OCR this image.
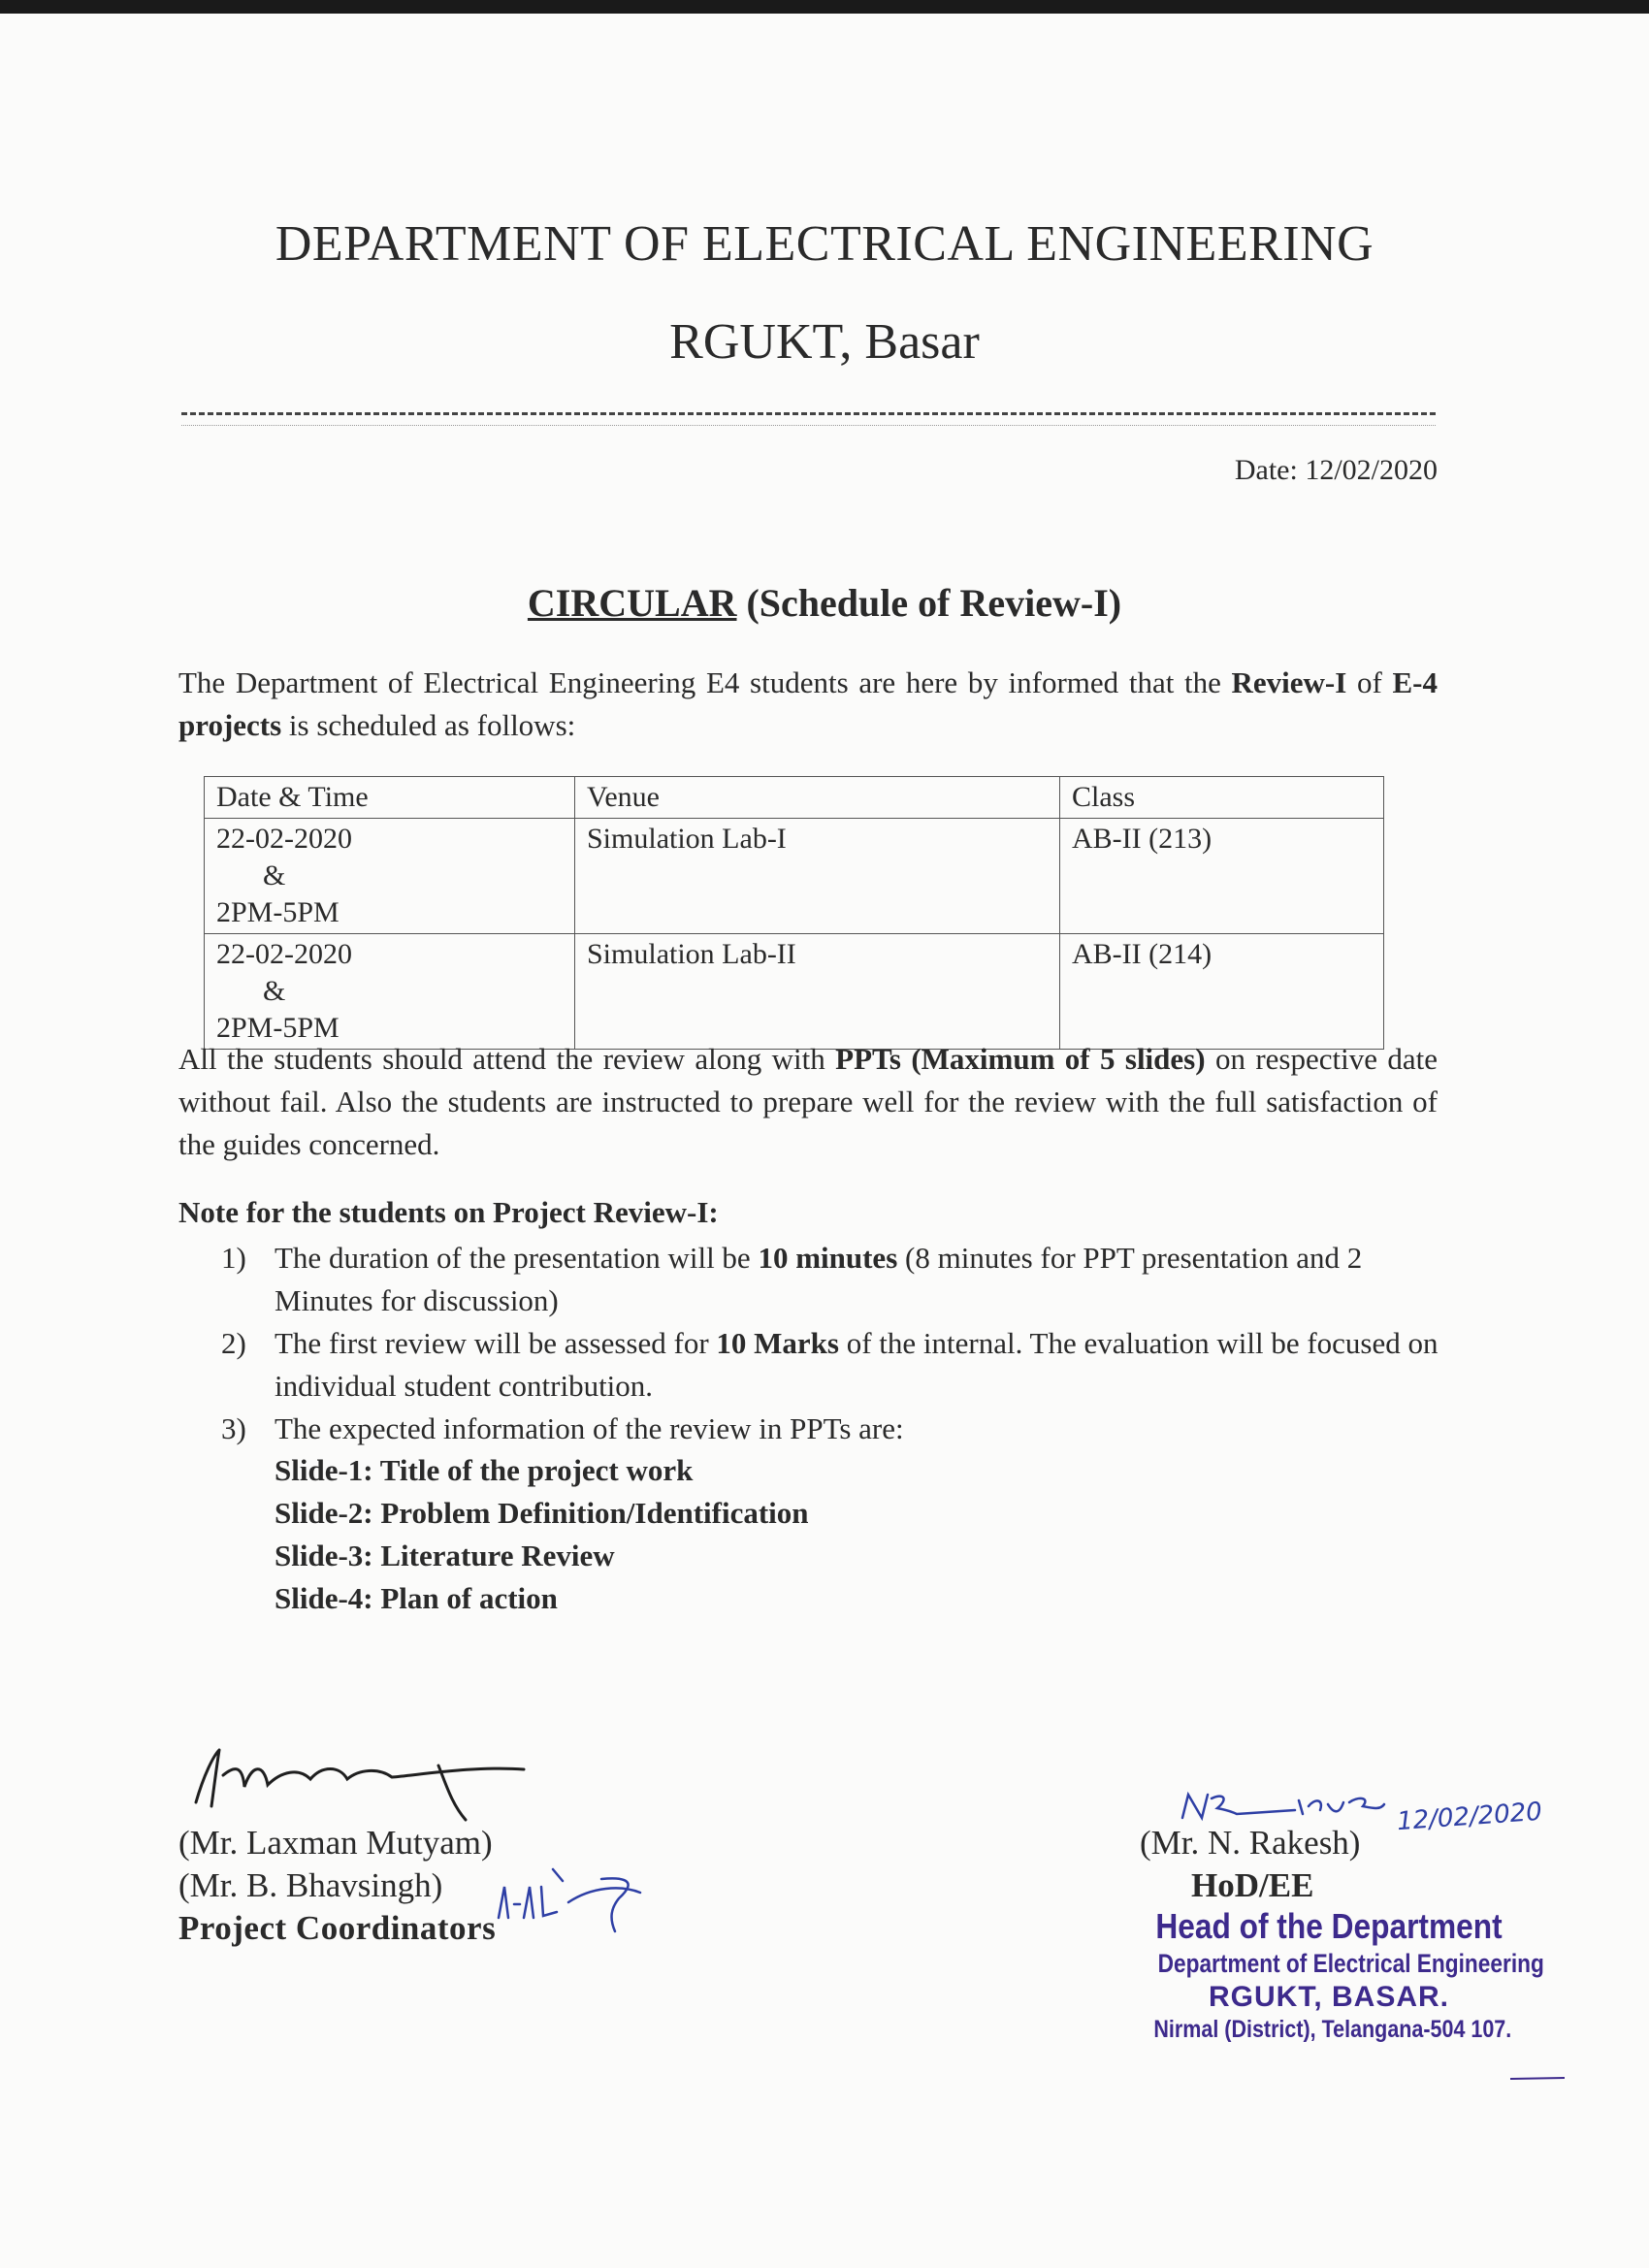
DEPARTMENT OF ELECTRICAL ENGINEERING
RGUKT, Basar
Date: 12/02/2020
CIRCULAR (Schedule of Review-I)
The Department of Electrical Engineering E4 students are here by informed that the Review-I of E-4 projects is scheduled as follows:
Date & Time	Venue	Class
22-02-2020
&
2PM-5PM	Simulation Lab-I	AB-II (213)
22-02-2020
&
2PM-5PM	Simulation Lab-II	AB-II (214)
All the students should attend the review along with PPTs (Maximum of 5 slides) on respective date without fail. Also the students are instructed to prepare well for the review with the full satisfaction of the guides concerned.
Note for the students on Project Review-I:
1) The duration of the presentation will be 10 minutes (8 minutes for PPT presentation and 2 Minutes for discussion)
2) The first review will be assessed for 10 Marks of the internal. The evaluation will be focused on individual student contribution.
3) The expected information of the review in PPTs are:
Slide-1: Title of the project work
Slide-2: Problem Definition/Identification
Slide-3: Literature Review
Slide-4: Plan of action
(Mr. Laxman Mutyam)
(Mr. B. Bhavsingh)
Project Coordinators
12/02/2020
(Mr. N. Rakesh)
HoD/EE
Head of the Department
Department of Electrical Engineering
RGUKT, BASAR.
Nirmal (District), Telangana-504 107.
